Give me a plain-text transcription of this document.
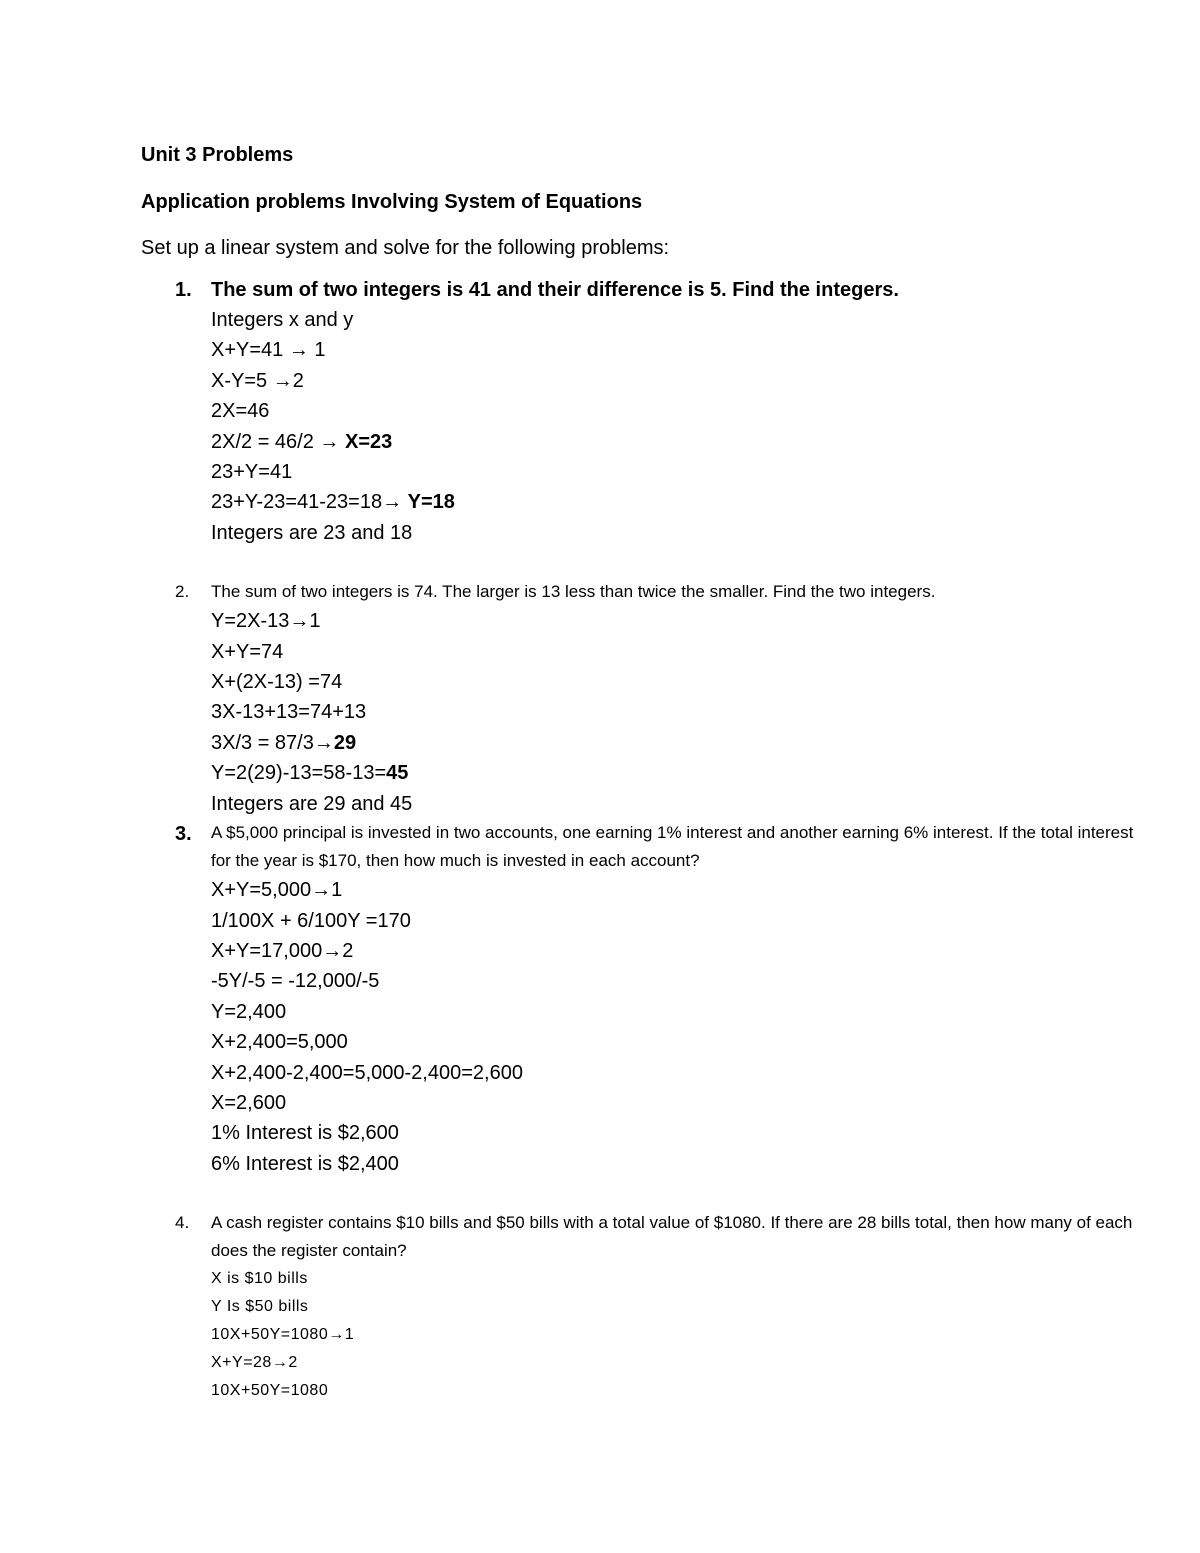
Unit 3 Problems
Application problems Involving System of Equations
Set up a linear system and solve for the following problems:
1. The sum of two integers is 41 and their difference is 5. Find the integers.
Integers x and y
X+Y=41 → 1
X-Y=5 →2
2X=46
2X/2 = 46/2 → X=23
23+Y=41
23+Y-23=41-23=18→ Y=18
Integers are 23 and 18
2. The sum of two integers is 74. The larger is 13 less than twice the smaller. Find the two integers.
Y=2X-13→1
X+Y=74
X+(2X-13) =74
3X-13+13=74+13
3X/3 = 87/3→29
Y=2(29)-13=58-13=45
Integers are 29 and 45
3. A $5,000 principal is invested in two accounts, one earning 1% interest and another earning 6% interest. If the total interest for the year is $170, then how much is invested in each account?
X+Y=5,000→1
1/100X + 6/100Y =170
X+Y=17,000→2
-5Y/-5 = -12,000/-5
Y=2,400
X+2,400=5,000
X+2,400-2,400=5,000-2,400=2,600
X=2,600
1% Interest is $2,600
6% Interest is $2,400
4. A cash register contains $10 bills and $50 bills with a total value of $1080. If there are 28 bills total, then how many of each does the register contain?
X is $10 bills
Y Is $50 bills
10X+50Y=1080→1
X+Y=28→2
10X+50Y=1080
